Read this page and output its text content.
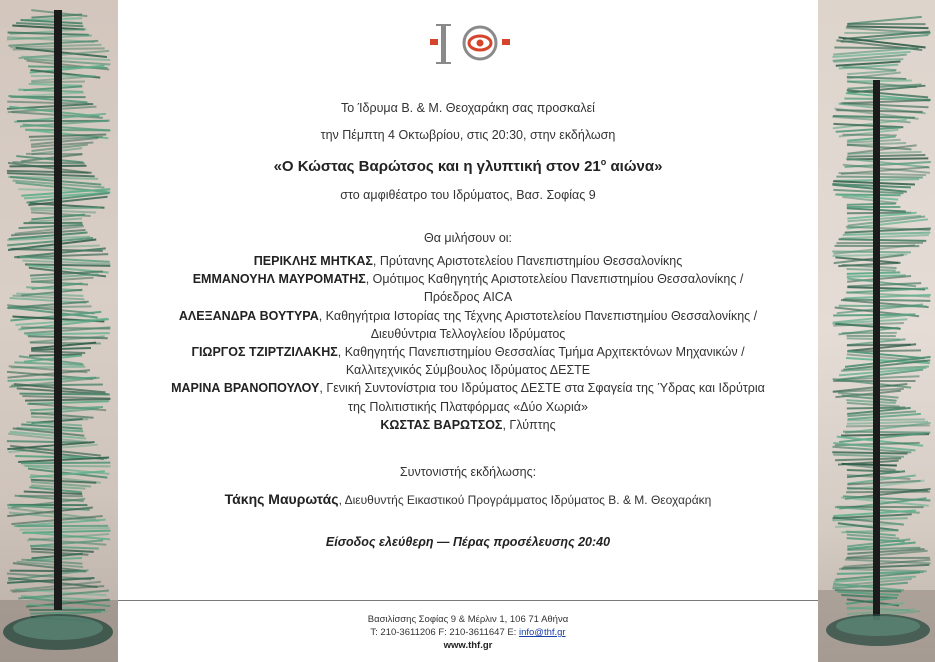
Το Ίδρυμα Β. & Μ. Θεοχαράκη σας προσκαλεί
την Πέμπτη 4 Οκτωβρίου, στις 20:30, στην εκδήλωση
«Ο Κώστας Βαρώτσος και η γλυπτική στον $21^o$ αιώνα»
στο αμφιθέατρο του Ιδρύματος, Βασ. Σοφίας 9
Θα μιλήσουν οι:
ΠΕΡΙΚΛΗΣ ΜΗΤΚΑΣ, Πρύτανης Αριστοτελείου Πανεπιστημίου Θεσσαλονίκης
ΕΜΜΑΝΟΥΗΛ ΜΑΥΡΟΜΑΤΗΣ, Ομότιμος Καθηγητής Αριστοτελείου Πανεπιστημίου Θεσσαλονίκης /
Πρόεδρος AICA
ΑΛΕΞΑΝΔΡΑ ΒΟΥΤΥΡΑ, Καθηγήτρια Ιστορίας της Τέχνης Αριστοτελείου Πανεπιστημίου Θεσσαλονίκης /
Διευθύντρια Τελλογλείου Ιδρύματος
ΓΙΩΡΓΟΣ ΤΖΙΡΤΖΙΛΑΚΗΣ, Καθηγητής Πανεπιστημίου Θεσσαλίας Τμήμα Αρχιτεκτόνων Μηχανικών /
Καλλιτεχνικός Σύμβουλος Ιδρύματος ΔΕΣΤΕ
ΜΑΡΙΝΑ ΒΡΑΝΟΠΟΥΛΟΥ, Γενική Συντονίστρια του Ιδρύματος ΔΕΣΤΕ στα Σφαγεία της Ύδρας και Ιδρύτρια
της Πολιτιστικής Πλατφόρμας «Δύο Χωριά»
ΚΩΣΤΑΣ ΒΑΡΩΤΣΟΣ, Γλύπτης
Συντονιστής εκδήλωσης:
Τάκης Μαυρωτάς, Διευθυντής Εικαστικού Προγράμματος Ιδρύματος Β. & Μ. Θεοχαράκη
Είσοδος ελεύθερη — Πέρας προσέλευσης 20:40
Βασιλίσσης Σοφίας 9 & Μέρλιν 1, 106 71 Αθήνα
T: 210-3611206 F: 210-3611647 E: info@thf.gr
www.thf.gr
